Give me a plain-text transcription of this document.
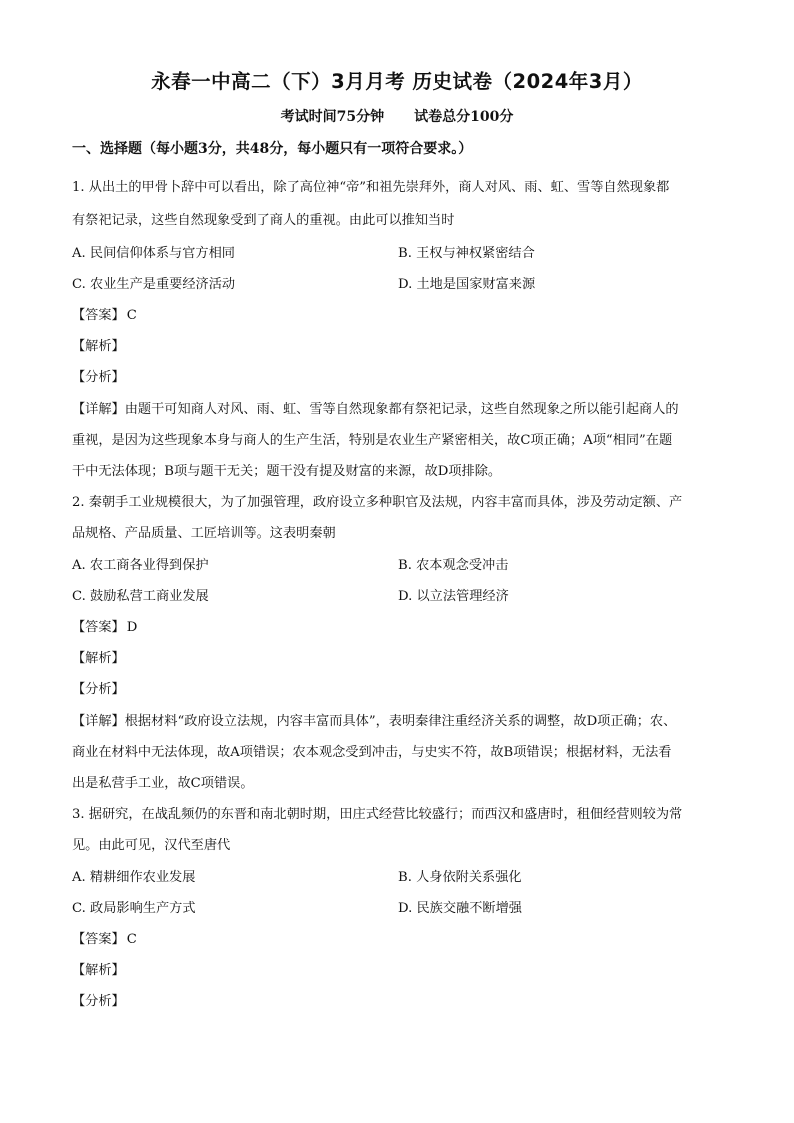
永春一中高二（下）3月月考 历史试卷（2024年3月）
考试时间75分钟 试卷总分100分
一、选择题（每小题3分，共48分，每小题只有一项符合要求。）
1. 从出土的甲骨卜辞中可以看出，除了高位神“帝”和祖先崇拜外，商人对风、雨、虹、雪等自然现象都
有祭祀记录，这些自然现象受到了商人的重视。由此可以推知当时
A. 民间信仰体系与官方相同	B. 王权与神权紧密结合
C. 农业生产是重要经济活动	D. 土地是国家财富来源
【答案】 C
【解析】
【分析】
【详解】由题干可知商人对风、雨、虹、雪等自然现象都有祭祀记录，这些自然现象之所以能引起商人的
重视，是因为这些现象本身与商人的生产生活，特别是农业生产紧密相关，故C项正确；A项“相同”在题
干中无法体现；B项与题干无关；题干没有提及财富的来源，故D项排除。
2. 秦朝手工业规模很大，为了加强管理，政府设立多种职官及法规，内容丰富而具体，涉及劳动定额、产
品规格、产品质量、工匠培训等。这表明秦朝
A. 农工商各业得到保护	B. 农本观念受冲击
C. 鼓励私营工商业发展	D. 以立法管理经济
【答案】 D
【解析】
【分析】
【详解】根据材料“政府设立法规，内容丰富而具体”，表明秦律注重经济关系的调整，故D项正确；农、
商业在材料中无法体现，故A项错误；农本观念受到冲击，与史实不符，故B项错误；根据材料，无法看
出是私营手工业，故C项错误。
3. 据研究，在战乱频仍的东晋和南北朝时期，田庄式经营比较盛行；而西汉和盛唐时，租佃经营则较为常
见。由此可见，汉代至唐代
A. 精耕细作农业发展	B. 人身依附关系强化
C. 政局影响生产方式	D. 民族交融不断增强
【答案】 C
【解析】
【分析】
